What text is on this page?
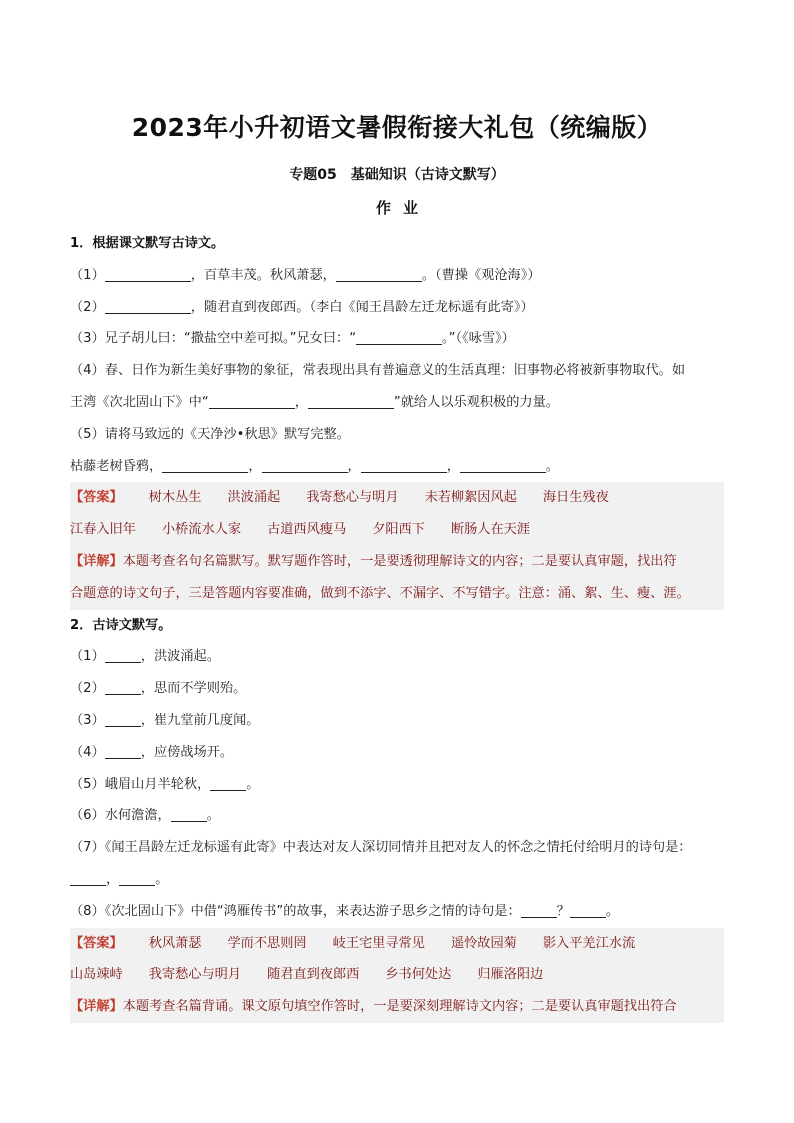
2023年小升初语文暑假衔接大礼包（统编版）
专题05　基础知识（古诗文默写）
作业
1．根据课文默写古诗文。
（1）	，百草丰茂。秋风萧瑟，	。（曹操《观沧海》）
（2）	，随君直到夜郎西。（李白《闻王昌龄左迁龙标遥有此寄》）
（3）兄子胡儿曰：“撒盐空中差可拟。”兄女曰：“	。”（《咏雪》）
（4）春、日作为新生美好事物的象征，常表现出具有普遍意义的生活真理：旧事物必将被新事物取代。如
王湾《次北固山下》中“	，	”就给人以乐观积极的力量。
（5）请将马致远的《天净沙•秋思》默写完整。
枯藤老树昏鸦，	，	，	，	。
【答案】 树木丛生 洪波涌起 我寄愁心与明月 未若柳絮因风起 海日生残夜
江春入旧年 小桥流水人家 古道西风瘦马 夕阳西下 断肠人在天涯
【详解】本题考查名句名篇默写。默写题作答时，一是要透彻理解诗文的内容；二是要认真审题，找出符
合题意的诗文句子，三是答题内容要准确，做到不添字、不漏字、不写错字。注意：涌、絮、生、瘦、涯。
2．古诗文默写。
（1）	，洪波涌起。
（2）	，思而不学则殆。
（3）	，崔九堂前几度闻。
（4）	，应傍战场开。
（5）峨眉山月半轮秋，	。
（6）水何澹澹，	。
（7）《闻王昌龄左迁龙标遥有此寄》中表达对友人深切同情并且把对友人的怀念之情托付给明月的诗句是：
，	。
（8）《次北固山下》中借“鸿雁传书”的故事，来表达游子思乡之情的诗句是：	？	。
【答案】 秋风萧瑟 学而不思则罔 岐王宅里寻常见 遥怜故园菊 影入平羌江水流
山岛竦峙 我寄愁心与明月 随君直到夜郎西 乡书何处达 归雁洛阳边
【详解】本题考查名篇背诵。课文原句填空作答时，一是要深刻理解诗文内容；二是要认真审题找出符合
